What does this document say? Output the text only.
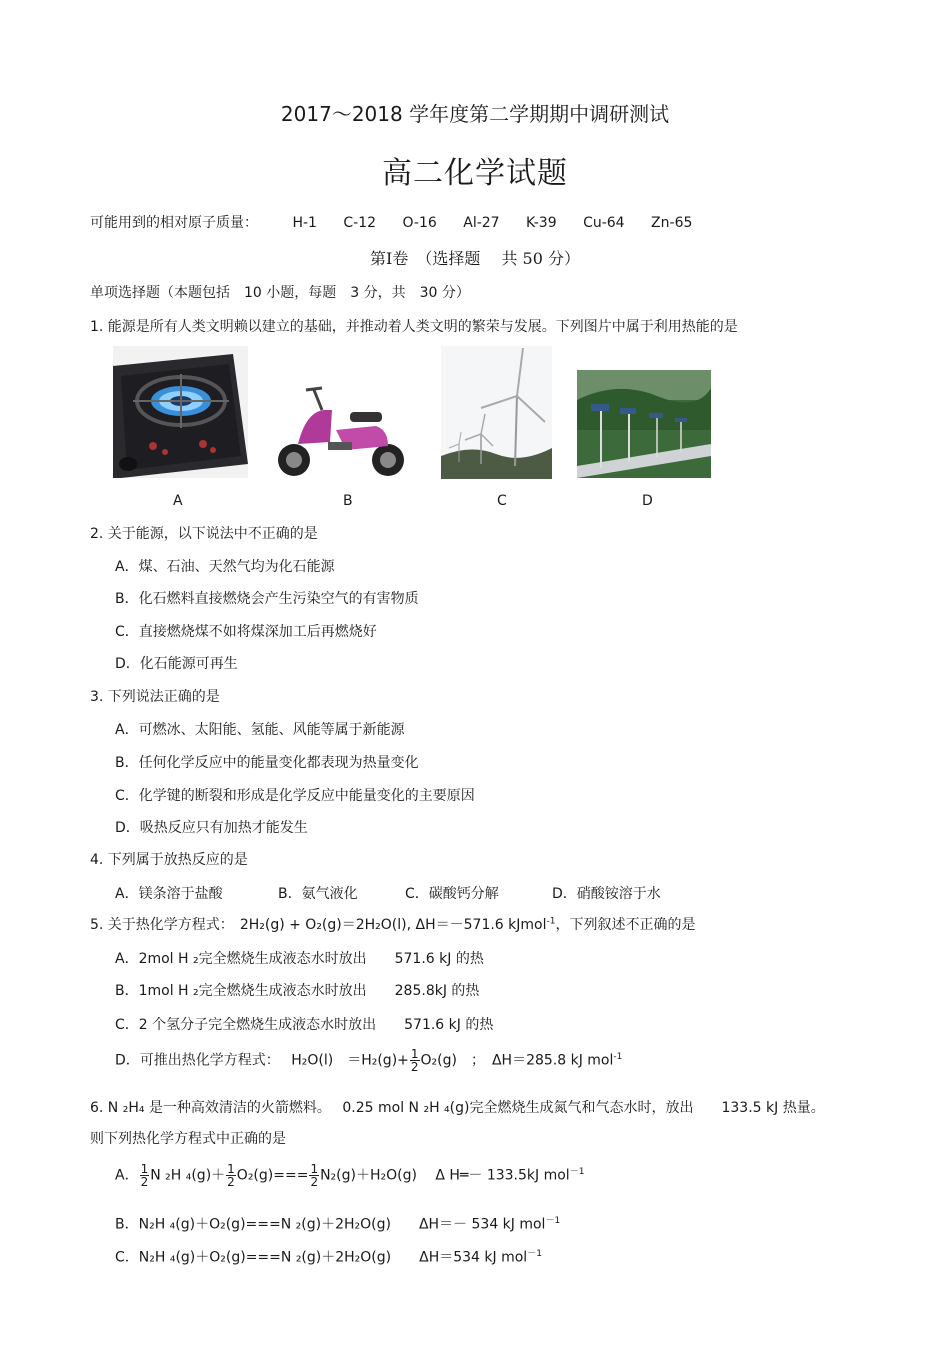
2017～2018 学年度第二学期期中调研测试
高二化学试题
可能用到的相对原子质量： H-1 C-12 O-16 Al-27 K-39 Cu-64 Zn-65
第Ⅰ卷　（选择题　 共 50 分）
单项选择题（本题包括　10 小题，每题　3 分，共　30 分）
1. 能源是所有人类文明赖以建立的基础，并推动着人类文明的繁荣与发展。下列图片中属于利用热能的是
A	B	C	D
2. 关于能源，以下说法中不正确的是
A．煤、石油、天然气均为化石能源
B．化石燃料直接燃烧会产生污染空气的有害物质
C．直接燃烧煤不如将煤深加工后再燃烧好
D．化石能源可再生
3. 下列说法正确的是
A．可燃冰、太阳能、氢能、风能等属于新能源
B．任何化学反应中的能量变化都表现为热量变化
C．化学键的断裂和形成是化学反应中能量变化的主要原因
D．吸热反应只有加热才能发生
4. 下列属于放热反应的是
A．镁条溶于盐酸	B．氨气液化	C．碳酸钙分解	D．硝酸铵溶于水
5. 关于热化学方程式： 2H₂(g) + O₂(g)＝2H₂O(l), ΔH＝－571.6 kJmol$^{-1}$，下列叙述不正确的是
A．2mol H ₂完全燃烧生成液态水时放出　　571.6 kJ 的热
B．1mol H ₂完全燃烧生成液态水时放出　　285.8kJ 的热
C．2 个氢分子完全燃烧生成液态水时放出　　571.6 kJ 的热
D．可推出热化学方程式：　 H₂O(l)　$=H_2(g)+ \frac{1}{2} O_2(g)$　；　ΔH＝285.8 kJ mol$^{-1}$
6. N ₂H₄ 是一种高效清洁的火箭燃料。　 0.25 mol N ₂H ₄(g)完全燃烧生成氮气和气态水时，放出　　133.5 kJ 热量。
则下列热化学方程式中正确的是
A． $\frac{1}{2}$ N ₂H $_4(g)+ \frac{1}{2} O_2(g)=== \frac{1}{2} N_2(g)+H_2O(g)$　 Δ H═－ 133.5kJ mol$^{-1}$
B．N₂H ₄(g)＋O₂(g)===N ₂(g)＋2H₂O(g)　　ΔH＝－ 534 kJ mol$^{-1}$
C．N₂H ₄(g)＋O₂(g)===N ₂(g)＋2H₂O(g)　　ΔH＝534 kJ mol$^{-1}$
